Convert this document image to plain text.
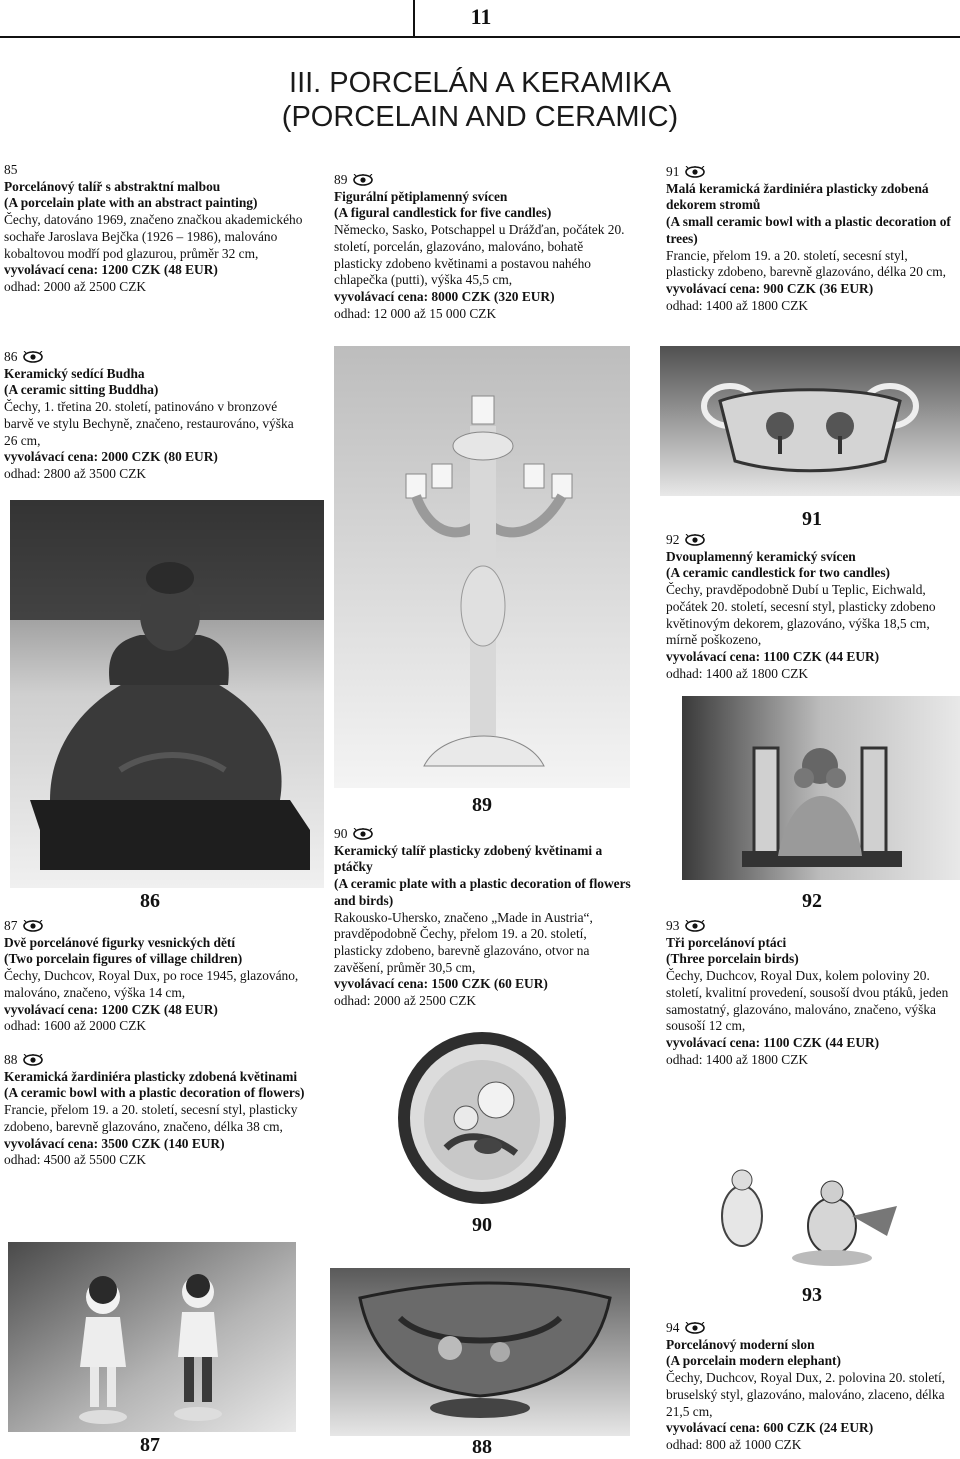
11
III. PORCELÁN A KERAMIKA
(PORCELAIN AND CERAMIC)
85
Porcelánový talíř s abstraktní malbou
(A porcelain plate with an abstract painting)
Čechy, datováno 1969, značeno značkou akademického sochaře Jaroslava Bejčka (1926 – 1986), malováno kobaltovou modří pod glazurou, průměr 32 cm,
vyvolávací cena: 1200 CZK (48 EUR)
odhad: 2000 až 2500 CZK
86
Keramický sedící Budha
(A ceramic sitting Buddha)
Čechy, 1. třetina 20. století, patinováno v bronzové barvě ve stylu Bechyně, značeno, restaurováno, výška 26 cm,
vyvolávací cena: 2000 CZK (80 EUR)
odhad: 2800 až 3500 CZK
86
87
Dvě porcelánové figurky vesnických dětí
(Two porcelain figures of village children)
Čechy, Duchcov, Royal Dux, po roce 1945, glazováno, malováno, značeno, výška 14 cm,
vyvolávací cena: 1200 CZK (48 EUR)
odhad: 1600 až 2000 CZK
88
Keramická žardiniéra plasticky zdobená květinami
(A ceramic bowl with a plastic decoration of flowers)
Francie, přelom 19. a 20. století, secesní styl, plasticky zdobeno, barevně glazováno, značeno, délka 38 cm,
vyvolávací cena: 3500 CZK (140 EUR)
odhad: 4500 až 5500 CZK
87
89
Figurální pětiplamenný svícen
(A figural candlestick for five candles)
Německo, Sasko, Potschappel u Drážďan, počátek 20. století, porcelán, glazováno, malováno, bohatě plasticky zdobeno květinami a postavou nahého chlapečka (putti), výška 45,5 cm,
vyvolávací cena: 8000 CZK (320 EUR)
odhad: 12 000 až 15 000 CZK
89
90
Keramický talíř plasticky zdobený květinami a ptáčky
(A ceramic plate with a plastic decoration of flowers and birds)
Rakousko-Uhersko, značeno „Made in Austria“, pravděpodobně Čechy, přelom 19. a 20. století, plasticky zdobeno, barevně glazováno, otvor na zavěšení, průměr 30,5 cm,
vyvolávací cena: 1500 CZK (60 EUR)
odhad: 2000 až 2500 CZK
90
88
91
Malá keramická žardiniéra plasticky zdobená dekorem stromů
(A small ceramic bowl with a plastic decoration of trees)
Francie, přelom 19. a 20. století, secesní styl, plasticky zdobeno, barevně glazováno, délka 20 cm,
vyvolávací cena: 900 CZK (36 EUR)
odhad: 1400 až 1800 CZK
91
92
Dvouplamenný keramický svícen
(A ceramic candlestick for two candles)
Čechy, pravděpodobně Dubí u Teplic, Eichwald, počátek 20. století, secesní styl, plasticky zdobeno květinovým dekorem, glazováno, výška 18,5 cm, mírně poškozeno,
vyvolávací cena: 1100 CZK (44 EUR)
odhad: 1400 až 1800 CZK
92
93
Tři porcelánoví ptáci
(Three porcelain birds)
Čechy, Duchcov, Royal Dux, kolem poloviny 20. století, kvalitní provedení, sousoší dvou ptáků, jeden samostatný, glazováno, malováno, značeno, výška sousoší 12 cm,
vyvolávací cena: 1100 CZK (44 EUR)
odhad: 1400 až 1800 CZK
93
94
Porcelánový moderní slon
(A porcelain modern elephant)
Čechy, Duchcov, Royal Dux, 2. polovina 20. století, bruselský styl, glazováno, malováno, zlaceno, délka 21,5 cm,
vyvolávací cena: 600 CZK (24 EUR)
odhad: 800 až 1000 CZK
